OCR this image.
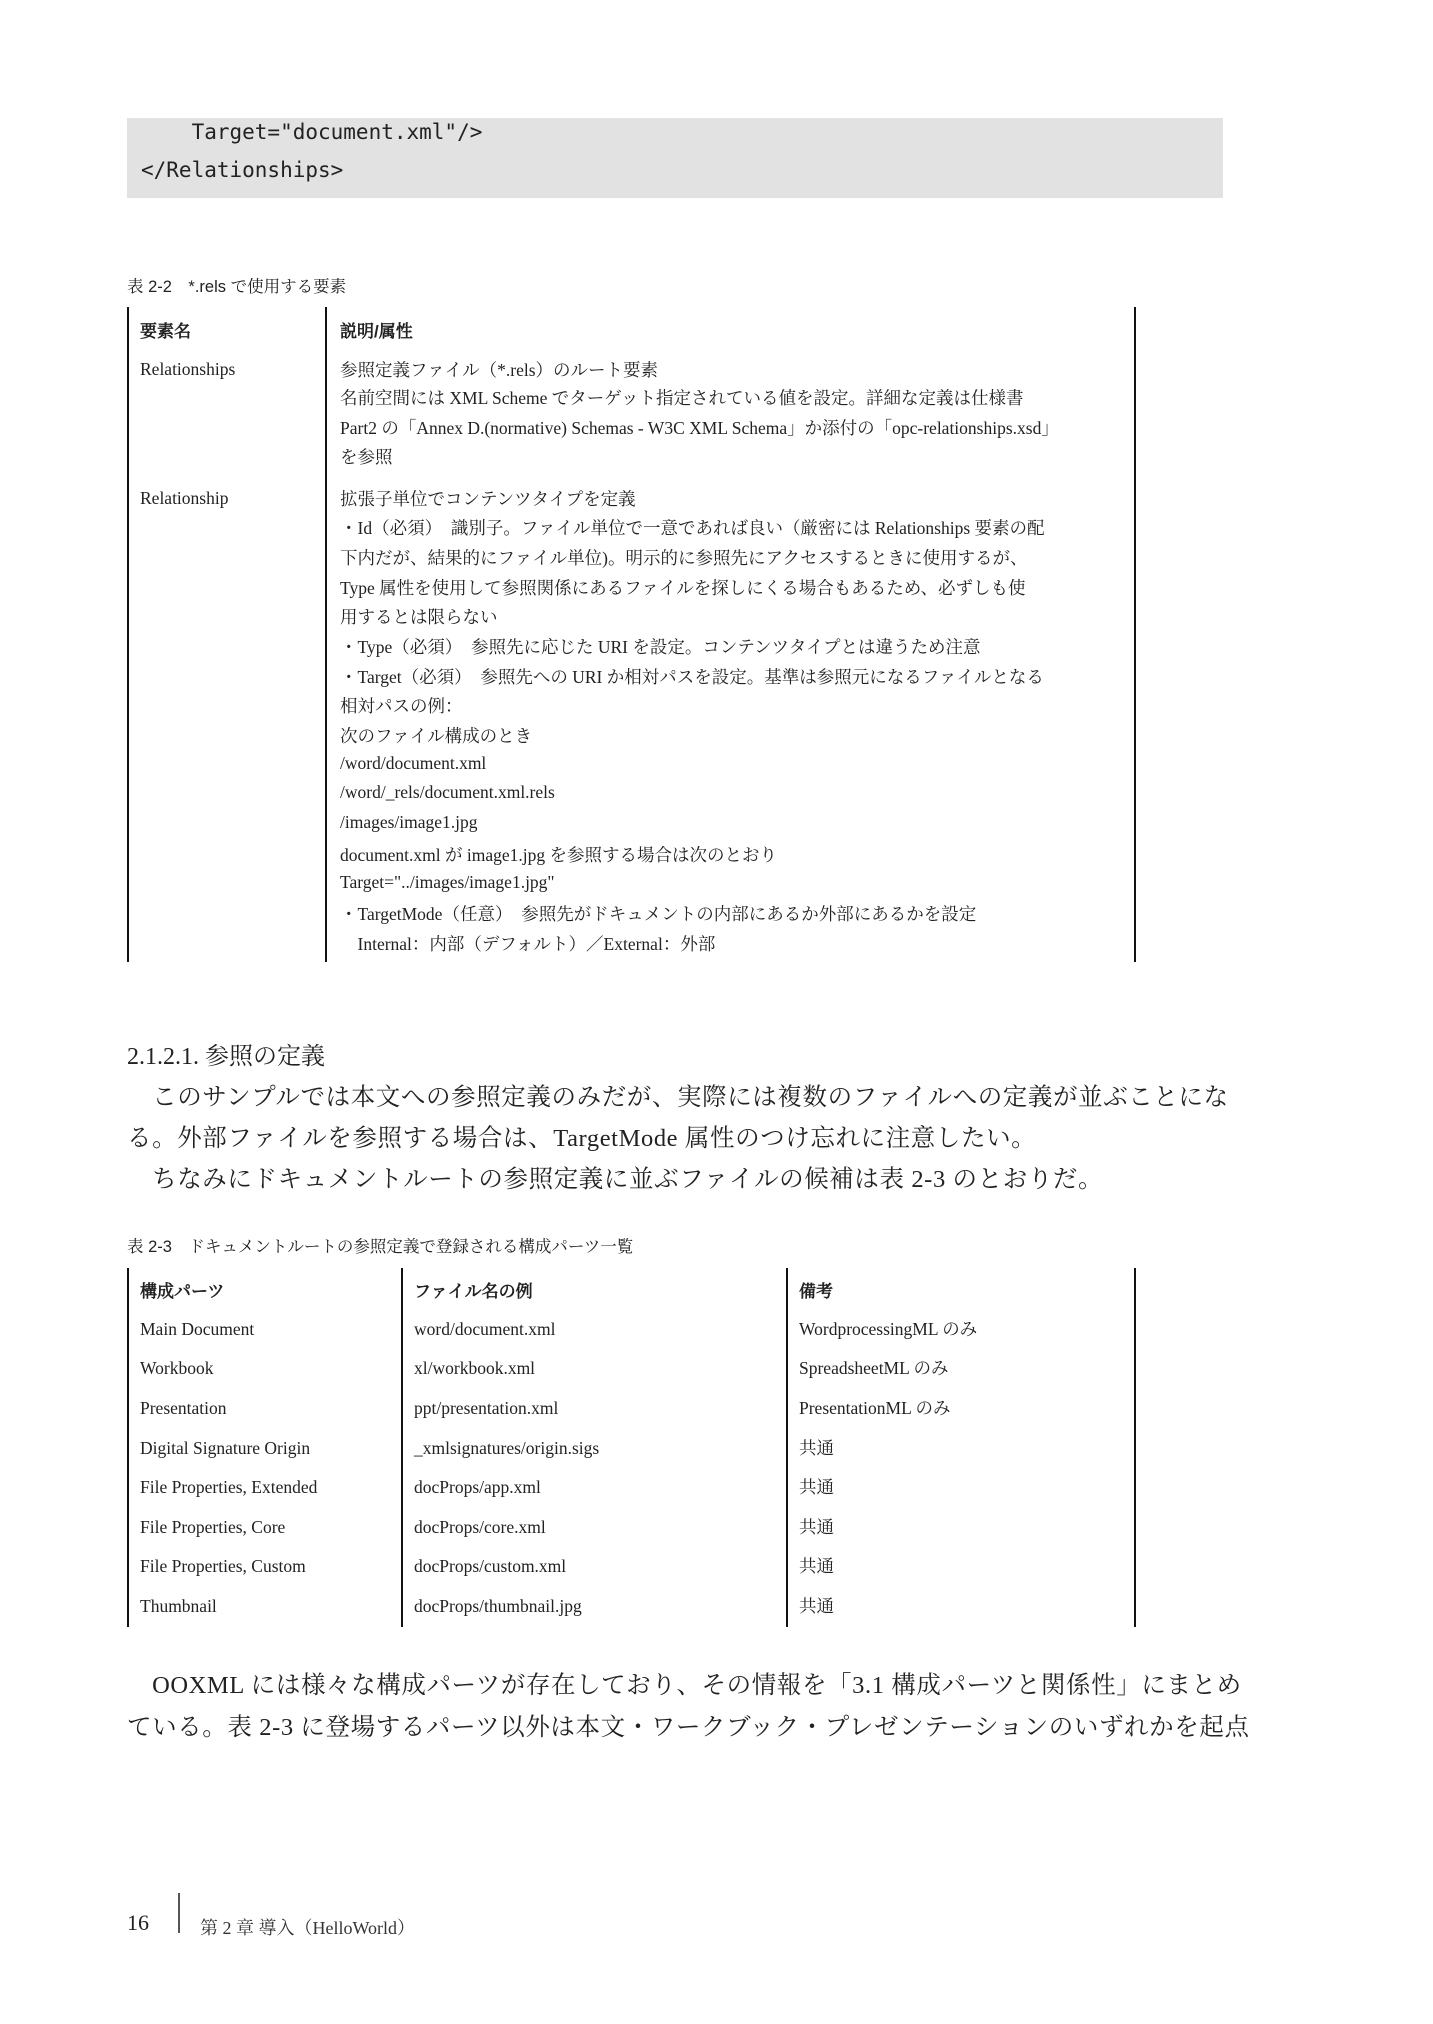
Target="document.xml"/>
</Relationships>
表 2-2　*.rels で使用する要素
要素名	説明/属性
Relationships	参照定義ファイル（*.rels）のルート要素
名前空間には XML Scheme でターゲット指定されている値を設定。詳細な定義は仕様書
Part2 の「Annex D.(normative) Schemas - W3C XML Schema」か添付の「opc-relationships.xsd」
を参照
Relationship	拡張子単位でコンテンツタイプを定義
・Id（必須）　識別子。ファイル単位で一意であれば良い（厳密には Relationships 要素の配
下内だが、結果的にファイル単位)。明示的に参照先にアクセスするときに使用するが、
Type 属性を使用して参照関係にあるファイルを探しにくる場合もあるため、必ずしも使
用するとは限らない
・Type（必須）　参照先に応じた URI を設定。コンテンツタイプとは違うため注意
・Target（必須）　参照先への URI か相対パスを設定。基準は参照元になるファイルとなる
相対パスの例：
次のファイル構成のとき
/word/document.xml
/word/_rels/document.xml.rels
/images/image1.jpg
document.xml が image1.jpg を参照する場合は次のとおり
Target="../images/image1.jpg"
・TargetMode（任意）　参照先がドキュメントの内部にあるか外部にあるかを設定
　Internal：内部（デフォルト）／External：外部
2.1.2.1. 参照の定義
　このサンプルでは本文への参照定義のみだが、実際には複数のファイルへの定義が並ぶことにな
る。外部ファイルを参照する場合は、TargetMode 属性のつけ忘れに注意したい。
　ちなみにドキュメントルートの参照定義に並ぶファイルの候補は表 2-3 のとおりだ。
表 2-3　ドキュメントルートの参照定義で登録される構成パーツ一覧
構成パーツ	ファイル名の例	備考
Main Document	word/document.xml	WordprocessingML のみ
Workbook	xl/workbook.xml	SpreadsheetML のみ
Presentation	ppt/presentation.xml	PresentationML のみ
Digital Signature Origin	_xmlsignatures/origin.sigs	共通
File Properties, Extended	docProps/app.xml	共通
File Properties, Core	docProps/core.xml	共通
File Properties, Custom	docProps/custom.xml	共通
Thumbnail	docProps/thumbnail.jpg	共通
　OOXML には様々な構成パーツが存在しており、その情報を「3.1 構成パーツと関係性」にまとめ
ている。表 2-3 に登場するパーツ以外は本文・ワークブック・プレゼンテーションのいずれかを起点
16	第 2 章 導入（HelloWorld）
